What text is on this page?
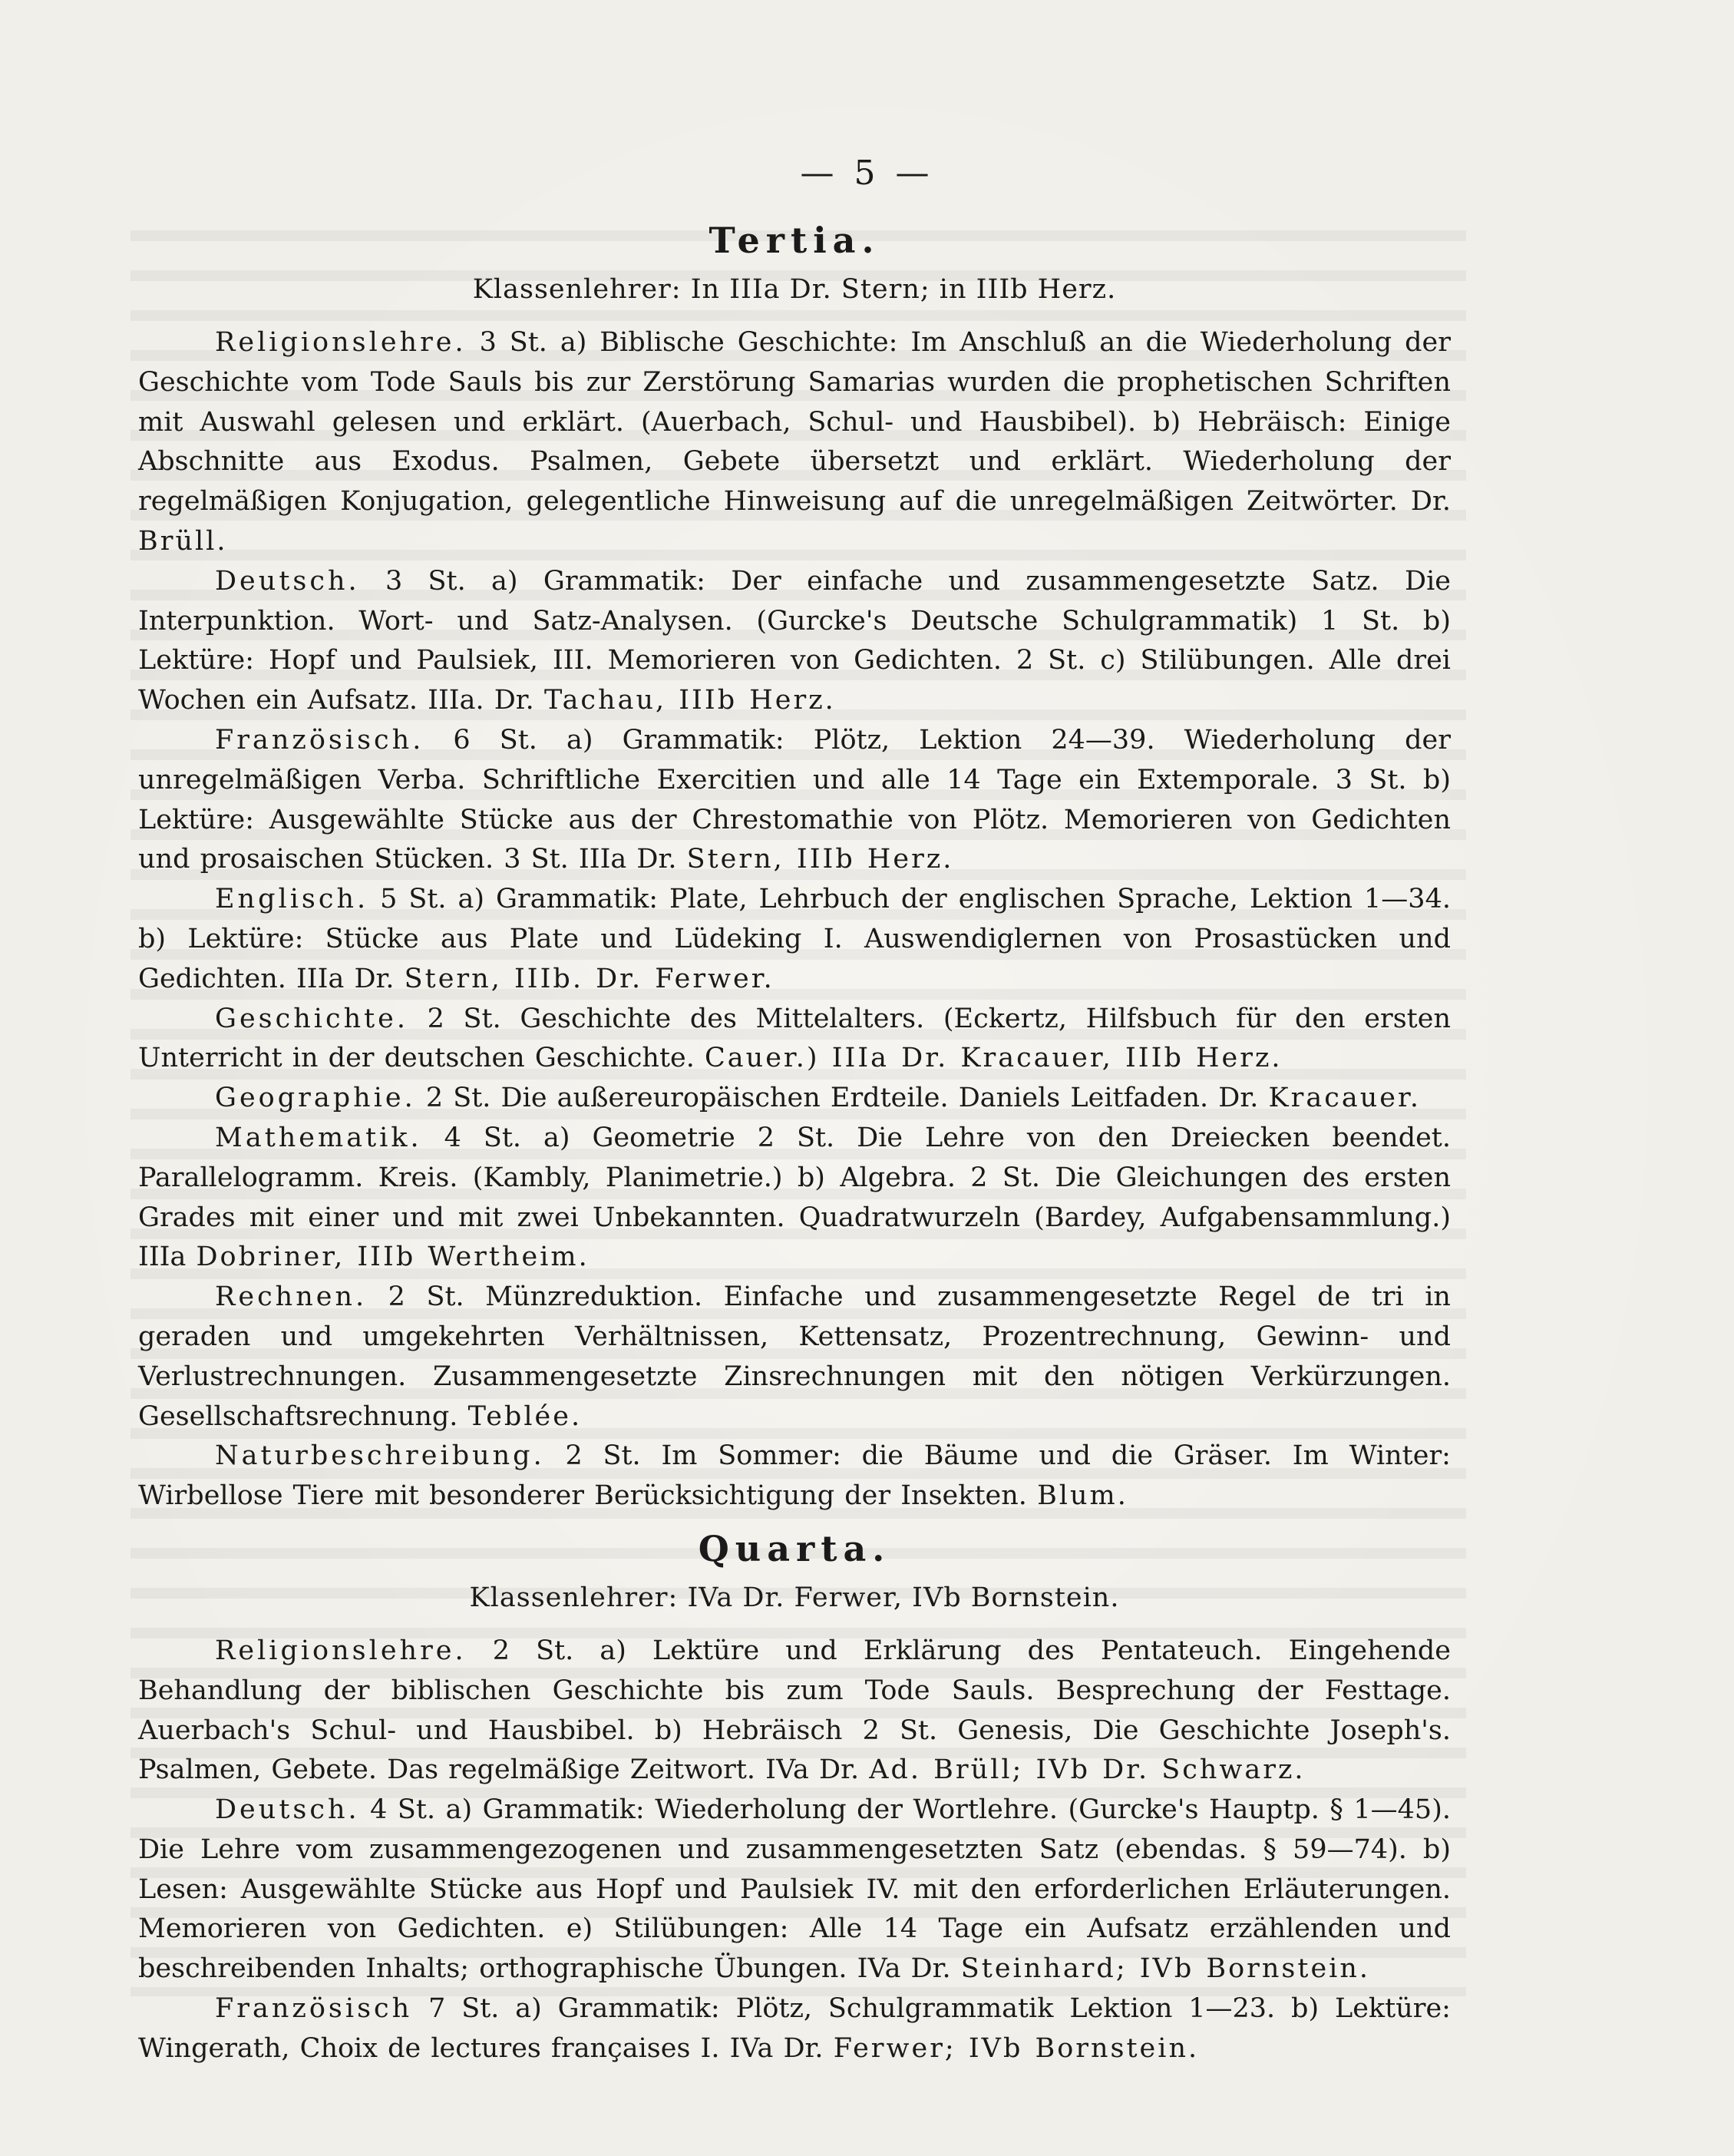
— 5 —
Tertia.
Klassenlehrer: In IIIa Dr. Stern; in IIIb Herz.

Religionslehre. 3 St. a) Biblische Geschichte: Im Anschluß an die Wiederholung der Geschichte vom Tode Sauls bis zur Zerstörung Samarias wurden die prophetischen Schriften mit Auswahl gelesen und erklärt. (Auerbach, Schul- und Hausbibel). b) Hebräisch: Einige Abschnitte aus Exodus. Psalmen, Gebete übersetzt und erklärt. Wiederholung der regelmäßigen Konjugation, gelegentliche Hinweisung auf die unregelmäßigen Zeitwörter. Dr. Brüll.

Deutsch. 3 St. a) Grammatik: Der einfache und zusammengesetzte Satz. Die Interpunktion. Wort- und Satz-Analysen. (Gurcke's Deutsche Schulgrammatik) 1 St. b) Lektüre: Hopf und Paulsiek, III. Memorieren von Gedichten. 2 St. c) Stilübungen. Alle drei Wochen ein Aufsatz. IIIa. Dr. Tachau, IIIb Herz.

Französisch. 6 St. a) Grammatik: Plötz, Lektion 24—39. Wiederholung der unregelmäßigen Verba. Schriftliche Exercitien und alle 14 Tage ein Extemporale. 3 St. b) Lektüre: Ausgewählte Stücke aus der Chrestomathie von Plötz. Memorieren von Gedichten und prosaischen Stücken. 3 St. IIIa Dr. Stern, IIIb Herz.

Englisch. 5 St. a) Grammatik: Plate, Lehrbuch der englischen Sprache, Lektion 1—34. b) Lektüre: Stücke aus Plate und Lüdeking I. Auswendiglernen von Prosastücken und Gedichten. IIIa Dr. Stern, IIIb. Dr. Ferwer.

Geschichte. 2 St. Geschichte des Mittelalters. (Eckertz, Hilfsbuch für den ersten Unterricht in der deutschen Geschichte. Cauer.) IIIa Dr. Kracauer, IIIb Herz.

Geographie. 2 St. Die außereuropäischen Erdteile. Daniels Leitfaden. Dr. Kracauer.

Mathematik. 4 St. a) Geometrie 2 St. Die Lehre von den Dreiecken beendet. Parallelogramm. Kreis. (Kambly, Planimetrie.) b) Algebra. 2 St. Die Gleichungen des ersten Grades mit einer und mit zwei Unbekannten. Quadratwurzeln (Bardey, Aufgabensammlung.) IIIa Dobriner, IIIb Wertheim.

Rechnen. 2 St. Münzreduktion. Einfache und zusammengesetzte Regel de tri in geraden und umgekehrten Verhältnissen, Kettensatz, Prozentrechnung, Gewinn- und Verlustrechnungen. Zusammengesetzte Zinsrechnungen mit den nötigen Verkürzungen. Gesellschaftsrechnung. Teblée.

Naturbeschreibung. 2 St. Im Sommer: die Bäume und die Gräser. Im Winter: Wirbellose Tiere mit besonderer Berücksichtigung der Insekten. Blum.

Quarta.
Klassenlehrer: IVa Dr. Ferwer, IVb Bornstein.

Religionslehre. 2 St. a) Lektüre und Erklärung des Pentateuch. Eingehende Behandlung der biblischen Geschichte bis zum Tode Sauls. Besprechung der Festtage. Auerbach's Schul- und Hausbibel. b) Hebräisch 2 St. Genesis, Die Geschichte Joseph's. Psalmen, Gebete. Das regelmäßige Zeitwort. IVa Dr. Ad. Brüll; IVb Dr. Schwarz.

Deutsch. 4 St. a) Grammatik: Wiederholung der Wortlehre. (Gurcke's Hauptp. § 1—45). Die Lehre vom zusammengezogenen und zusammengesetzten Satz (ebendas. § 59—74). b) Lesen: Ausgewählte Stücke aus Hopf und Paulsiek IV. mit den erforderlichen Erläuterungen. Memorieren von Gedichten. e) Stilübungen: Alle 14 Tage ein Aufsatz erzählenden und beschreibenden Inhalts; orthographische Übungen. IVa Dr. Steinhard; IVb Bornstein.

Französisch 7 St. a) Grammatik: Plötz, Schulgrammatik Lektion 1—23. b) Lektüre: Wingerath, Choix de lectures françaises I. IVa Dr. Ferwer; IVb Bornstein.
